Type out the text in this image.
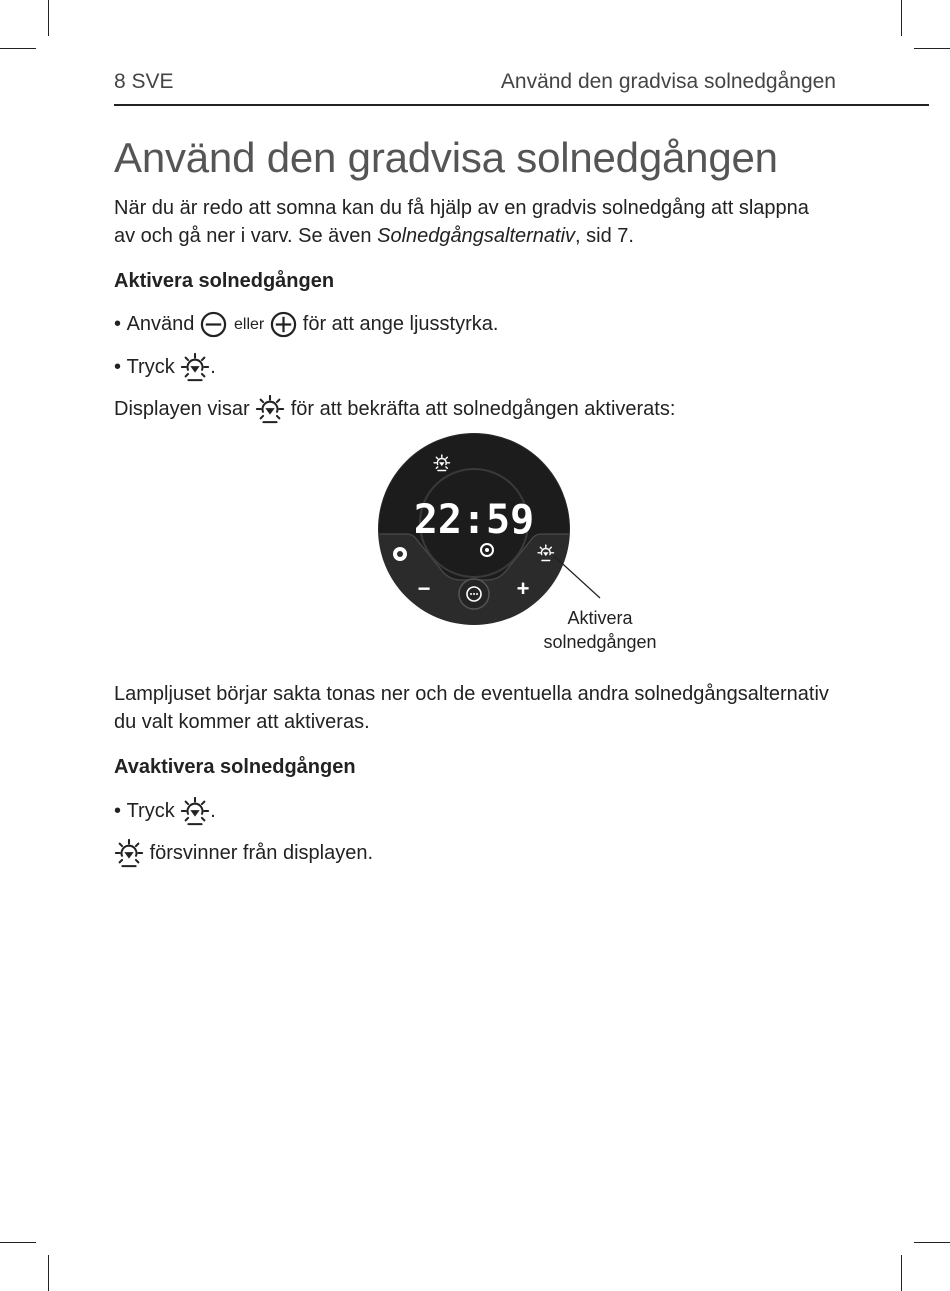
8 SVE	Använd den gradvisa solnedgången
Använd den gradvisa solnedgången

När du är redo att somna kan du få hjälp av en gradvis solnedgång att slappna av och gå ner i varv. Se även Solnedgångsalternativ, sid 7.

Aktivera solnedgången
•
Använd
eller
för att ange ljusstyrka.
•
Tryck
.
Displayen visar

för att bekräfta att solnedgången aktiverats:
22:59
−	+
Aktivera
solnedgången

Lampljuset börjar sakta tonas ner och de eventuella andra solnedgångsalternativ du valt kommer att aktiveras.

Avaktivera solnedgången
•
Tryck
.

försvinner från displayen.
